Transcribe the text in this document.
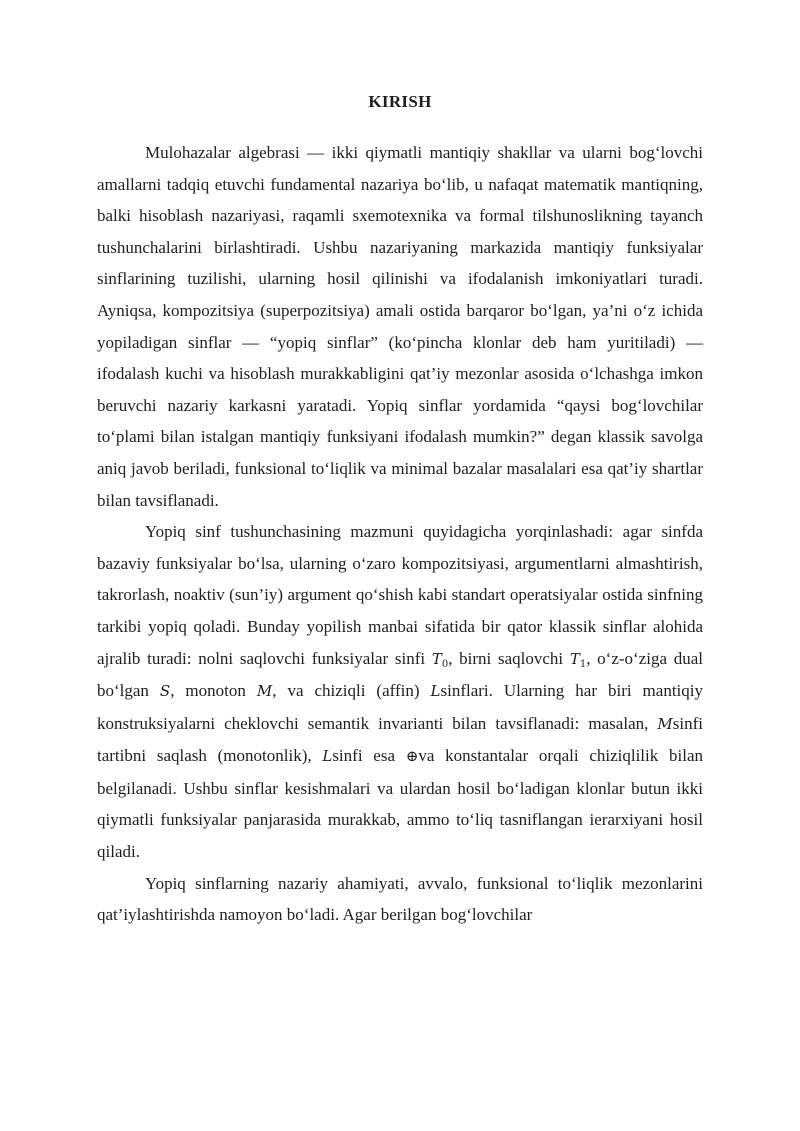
KIRISH

Mulohazalar algebrasi — ikki qiymatli mantiqiy shakllar va ularni bog‘lovchi amallarni tadqiq etuvchi fundamental nazariya bo‘lib, u nafaqat matematik mantiqning, balki hisoblash nazariyasi, raqamli sxemotexnika va formal tilshunoslikning tayanch tushunchalarini birlashtiradi. Ushbu nazariyaning markazida mantiqiy funksiyalar sinflarining tuzilishi, ularning hosil qilinishi va ifodalanish imkoniyatlari turadi. Ayniqsa, kompozitsiya (superpozitsiya) amali ostida barqaror bo‘lgan, ya’ni o‘z ichida yopiladigan sinflar — “yopiq sinflar” (ko‘pincha klonlar deb ham yuritiladi) — ifodalash kuchi va hisoblash murakkabligini qat’iy mezonlar asosida o‘lchashga imkon beruvchi nazariy karkasni yaratadi. Yopiq sinflar yordamida “qaysi bog‘lovchilar to‘plami bilan istalgan mantiqiy funksiyani ifodalash mumkin?” degan klassik savolga aniq javob beriladi, funksional to‘liqlik va minimal bazalar masalalari esa qat’iy shartlar bilan tavsiflanadi.

Yopiq sinf tushunchasining mazmuni quyidagicha yorqinlashadi: agar sinfda bazaviy funksiyalar bo‘lsa, ularning o‘zaro kompozitsiyasi, argumentlarni almashtirish, takrorlash, noaktiv (sun’iy) argument qo‘shish kabi standart operatsiyalar ostida sinfning tarkibi yopiq qoladi. Bunday yopilish manbai sifatida bir qator klassik sinflar alohida ajralib turadi: nolni saqlovchi funksiyalar sinfi $T_0$, birni saqlovchi $T_1$, o‘z-o‘ziga dual bo‘lgan S, monoton M, va chiziqli (affin) Lsinflari. Ularning har biri mantiqiy konstruksiyalarni cheklovchi semantik invarianti bilan tavsiflanadi: masalan, Msinfi tartibni saqlash (monotonlik), Lsinfi esa ⊕va konstantalar orqali chiziqlilik bilan belgilanadi. Ushbu sinflar kesishmalari va ulardan hosil bo‘ladigan klonlar butun ikki qiymatli funksiyalar panjarasida murakkab, ammo to‘liq tasniflangan ierarxiyani hosil qiladi.

Yopiq sinflarning nazariy ahamiyati, avvalo, funksional to‘liqlik mezonlarini qat’iylashtirishda namoyon bo‘ladi. Agar berilgan bog‘lovchilar
